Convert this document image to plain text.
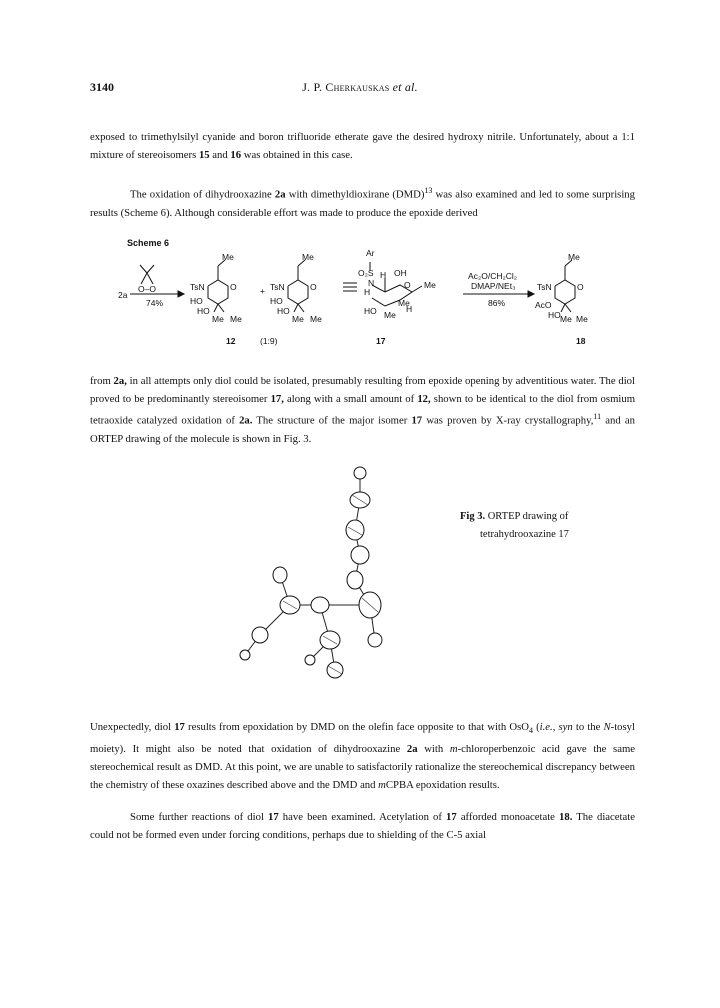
3140	J. P. Cherkauskas et al.

exposed to trimethylsilyl cyanide and boron trifluoride etherate gave the desired hydroxy nitrile. Unfortunately, about a 1:1 mixture of stereoisomers 15 and 16 was obtained in this case.

The oxidation of dihydrooxazine 2a with dimethyldioxirane (DMD)$^{13}$ was also examined and led to some surprising results (Scheme 6). Although considerable effort was made to produce the epoxide derived

Scheme 6
O–O
2a
74%
Me
TsN	O
HO
HO
Me Me
+
Me
TsN	O
HO
HO
Me Me
Ar
O₂S H OH
N
H
O Me
Me
HO Me
H
Ac₂O/CH₂Cl₂
DMAP/NEt₃
86%
Me
TsN	O
AcO
HO Me Me
12	(1:9)	17	18

from 2a, in all attempts only diol could be isolated, presumably resulting from epoxide opening by adventitious water. The diol proved to be predominantly stereoisomer 17, along with a small amount of 12, shown to be identical to the diol from osmium tetraoxide catalyzed oxidation of 2a. The structure of the major isomer 17 was proven by X-ray crystallography,$^{11}$ and an ORTEP drawing of the molecule is shown in Fig. 3.

Fig 3. ORTEP drawing of
tetrahydrooxazine 17

Unexpectedly, diol 17 results from epoxidation by DMD on the olefin face opposite to that with OsO$_4$ (i.e., syn to the N-tosyl moiety). It might also be noted that oxidation of dihydrooxazine 2a with m-chloroperbenzoic acid gave the same stereochemical result as DMD. At this point, we are unable to satisfactorily rationalize the stereochemical discrepancy between the chemistry of these oxazines described above and the DMD and mCPBA epoxidation results.

Some further reactions of diol 17 have been examined. Acetylation of 17 afforded monoacetate 18. The diacetate could not be formed even under forcing conditions, perhaps due to shielding of the C-5 axial
